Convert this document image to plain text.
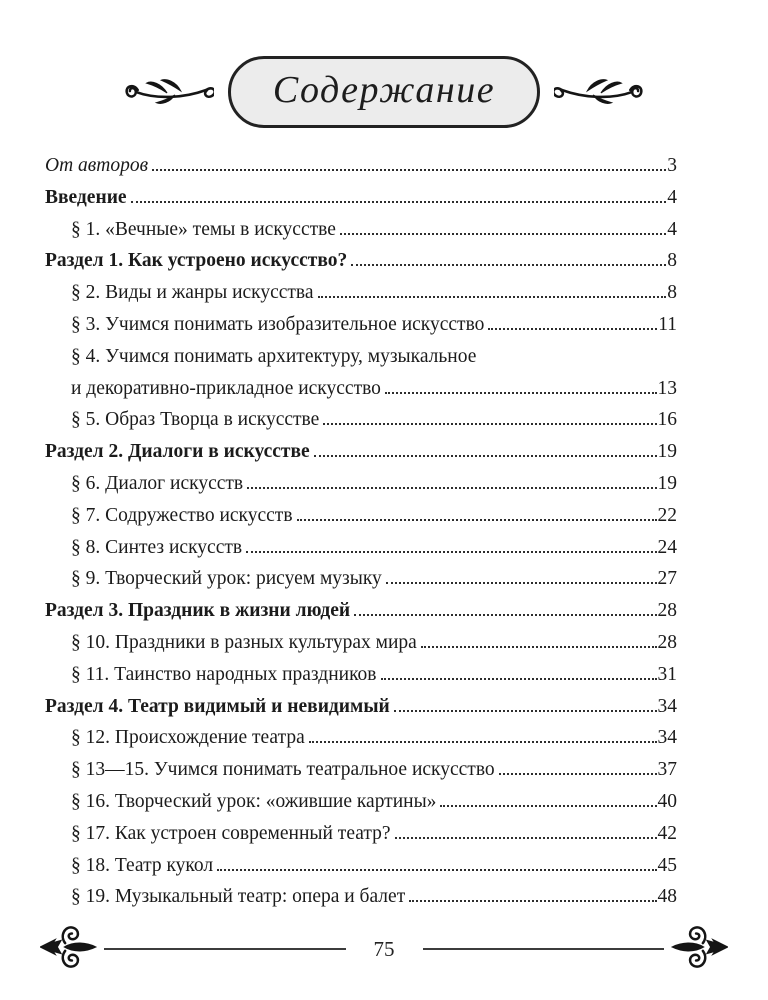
Содержание
От авторов	3
Введение	4
§ 1. «Вечные» темы в искусстве	4
Раздел 1. Как устроено искусство?	8
§ 2. Виды и жанры искусства	8
§ 3. Учимся понимать изобразительное искусство	11
§ 4. Учимся понимать архитектуру, музыкальное
и декоративно-прикладное искусство	13
§ 5. Образ Творца в искусстве	16
Раздел 2. Диалоги в искусстве	19
§ 6. Диалог искусств	19
§ 7. Содружество искусств	22
§ 8. Синтез искусств	24
§ 9. Творческий урок: рисуем музыку	27
Раздел 3. Праздник в жизни людей	28
§ 10. Праздники в разных культурах мира	28
§ 11. Таинство народных праздников	31
Раздел 4. Театр видимый и невидимый	34
§ 12. Происхождение театра	34
§ 13—15. Учимся понимать театральное искусство	37
§ 16. Творческий урок: «ожившие картины»	40
§ 17. Как устроен современный театр?	42
§ 18. Театр кукол	45
§ 19. Музыкальный театр: опера и балет	48
75
